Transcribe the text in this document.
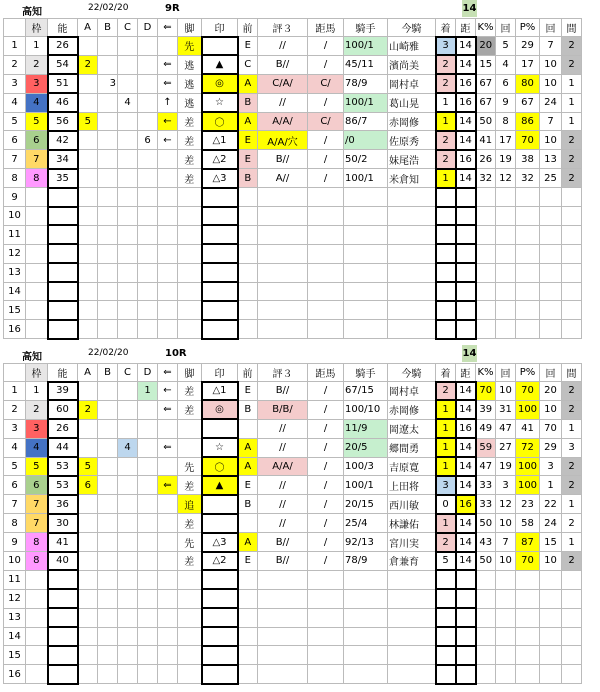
高知	22/02/20	9R	14
	枠	能	A	B	C	D	⇐	脚	印	前	評３	距馬	騎手	今騎	着	距	K%	回	P%	回	間
1	1	26						先		E	//	/	100/1	山崎雅	3	14	20	5	29	7	2
2	2	54	2				⇐	逃	▲	C	B//	/	45/11	濱尚美	2	14	15	4	17	10	2
3	3	51		3			⇐	逃	◎	A	C/A/	C/	78/9	岡村卓	2	16	67	6	80	10	1
4	4	46			4		↑	逃	☆	B	//	/	100/1	葛山晃	1	16	67	9	67	24	1
5	5	56	5				←	差	〇	A	A/A/	C/	86/7	赤岡修	1	14	50	8	86	7	1
6	6	42				6	←	差	△1	E	A/A/穴	/	/0	佐原秀	2	14	41	17	70	10	2
7	7	34						差	△2	E	B//	/	50/2	妹尾浩	2	16	26	19	38	13	2
8	8	35						差	△3	B	A//	/	100/1	米倉知	1	14	32	12	32	25	2
9																					
10																					
11																					
12																					
13																					
14																					
15																					
16																					
高知	22/02/20	10R	14
	枠	能	A	B	C	D	⇐	脚	印	前	評３	距馬	騎手	今騎	着	距	K%	回	P%	回	間
1	1	39				1	←	差	△1	E	B//	/	67/15	岡村卓	2	14	70	10	70	20	2
2	2	60	2				⇐	差	◎	B	B/B/	/	100/10	赤岡修	1	14	39	31	100	10	2
3	3	26									//	/	11/9	岡遼太	1	16	49	47	41	70	1
4	4	44			4		⇐		☆	A	//	/	20/5	郷間勇	1	14	59	27	72	29	3
5	5	53	5					先	〇	A	A/A/	/	100/3	吉原寛	1	14	47	19	100	3	2
6	6	53	6				⇐	差	▲	E	//	/	100/1	上田将	3	14	33	3	100	1	2
7	7	36						追		B	//	/	20/15	西川敏	0	16	33	12	23	22	1
8	7	30						差			//	/	25/4	林謙佑	1	14	50	10	58	24	2
9	8	41						先	△3	A	B//	/	92/13	宮川実	2	14	43	7	87	15	1
10	8	40						差	△2	E	B//	/	78/9	倉兼育	5	14	50	10	70	10	2
11																					
12																					
13																					
14																					
15																					
16																					
